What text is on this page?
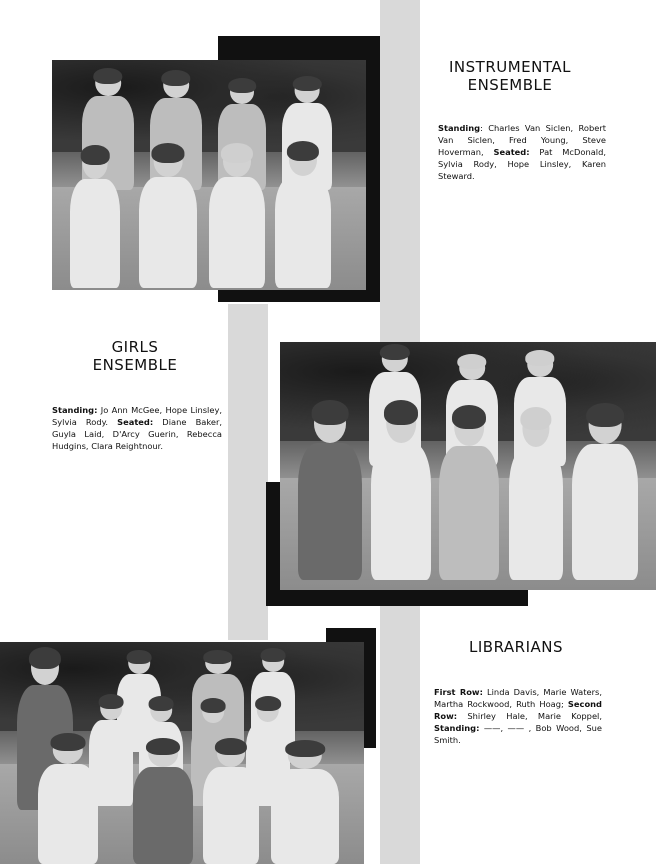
INSTRUMENTAL
ENSEMBLE

Standing: Charles Van Siclen, Robert Van Siclen, Fred Young, Steve Hoverman, Seated: Pat McDonald, Sylvia Rody, Hope Linsley, Karen Steward.

GIRLS
ENSEMBLE

Standing: Jo Ann McGee, Hope Linsley, Sylvia Rody. Seated: Diane Baker, Guyla Laid, D'Arcy Guerin, Rebecca Hudgins, Clara Reightnour.

LIBRARIANS

First Row: Linda Davis, Marie Waters, Martha Rockwood, Ruth Hoag; Second Row: Shirley Hale, Marie Koppel, Standing: ——, —— , Bob Wood, Sue Smith.
